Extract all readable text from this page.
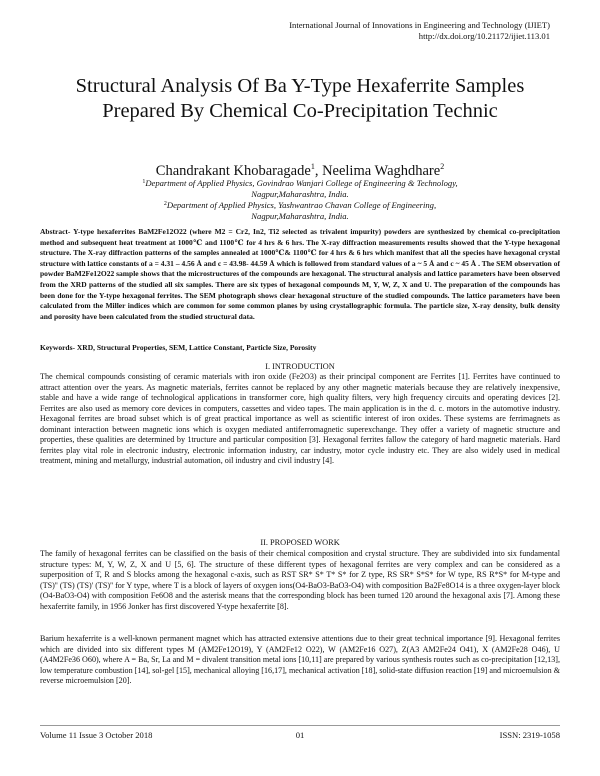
International Journal of Innovations in Engineering and Technology (IJIET)
http://dx.doi.org/10.21172/ijiet.113.01
Structural Analysis Of Ba Y-Type Hexaferrite Samples Prepared By Chemical Co-Precipitation Technic
Chandrakant Khobaragade$^1$, Neelima Waghdhare$^2$
$^1$Department of Applied Physics, Govindrao Wanjari College of Engineering & Technology,
Nagpur,Maharashtra, India.
$^2$Department of Applied Physics, Yashwantrao Chavan College of Engineering,
Nagpur,Maharashtra, India.
Abstract- Y-type hexaferrites BaM2Fe12O22 (where M2 = Cr2, In2, Ti2 selected as trivalent impurity) powders are synthesized by chemical co-precipitation method and subsequent heat treatment at 1000℃ and 1100℃ for 4 hrs & 6 hrs. The X-ray diffraction measurements results showed that the Y-type hexagonal structure. The X-ray diffraction patterns of the samples annealed at 1000℃& 1100℃ for 4 hrs & 6 hrs which manifest that all the species have hexagonal crystal structure with lattice constants of a = 4.31 – 4.56 Å and c = 43.98- 44.59 Å which is followed from standard values of a ~ 5 Å and c ~ 45 Å . The SEM observation of powder BaM2Fe12O22 sample shows that the microstructures of the compounds are hexagonal. The structural analysis and lattice parameters have been observed from the XRD patterns of the studied all six samples. There are six types of hexagonal compounds M, Y, W, Z, X and U. The preparation of the compounds has been done for the Y-type hexagonal ferrites. The SEM photograph shows clear hexagonal structure of the studied compounds. The lattice parameters have been calculated from the Miller indices which are common for some common planes by using crystallographic formula. The particle size, X-ray density, bulk density and porosity have been calculated from the studied structural data.
Keywords- XRD, Structural Properties, SEM, Lattice Constant, Particle Size, Porosity
I. INTRODUCTION
The chemical compounds consisting of ceramic materials with iron oxide (Fe2O3) as their principal component are Ferrites [1]. Ferrites have continued to attract attention over the years. As magnetic materials, ferrites cannot be replaced by any other magnetic materials because they are relatively inexpensive, stable and have a wide range of technological applications in transformer core, high quality filters, very high frequency circuits and operating devices [2]. Ferrites are also used as memory core devices in computers, cassettes and video tapes. The main application is in the d. c. motors in the automotive industry. Hexagonal ferrites are broad subset which is of great practical importance as well as scientific interest of iron oxides. These systems are ferrimagnets as dominant interaction between magnetic ions which is oxygen mediated antiferromagnetic superexchange. They offer a variety of magnetic structure and properties, these qualities are determined by 1tructure and particular composition [3]. Hexagonal ferrites fallow the category of hard magnetic materials. Hard ferrites play vital role in electronic industry, electronic information industry, car industry, motor cycle industry etc. They are also widely used in medical treatment, mining and metallurgy, industrial automation, oil industry and civil industry [4].
II. PROPOSED WORK
The family of hexagonal ferrites can be classified on the basis of their chemical composition and crystal structure. They are subdivided into six fundamental structure types: M, Y, W, Z, X and U [5, 6]. The structure of these different types of hexagonal ferrites are very complex and can be considered as a superposition of T, R and S blocks among the hexagonal c-axis, such as RST SR* S* T* S* for Z type, RS SR* S*S* for W type, RS R*S* for M-type and (TS)'' (TS) (TS)' (TS)'' for Y type, where T is a block of layers of oxygen ions(O4-BaO3-BaO3-O4) with composition Ba2Fe8O14 is a three oxygen-layer block (O4-BaO3-O4) with composition Fe6O8 and the asterisk means that the corresponding block has been turned 120 around the hexagonal axis [7]. Among these hexaferrite family, in 1956 Jonker has first discovered Y-type hexaferrite [8].
Barium hexaferrite is a well-known permanent magnet which has attracted extensive attentions due to their great technical importance [9]. Hexagonal ferrites which are divided into six different types M (AM2Fe12O19), Y (AM2Fe12 O22), W (AM2Fe16 O27), Z(A3 AM2Fe24 O41), X (AM2Fe28 O46), U (A4M2Fe36 O60), where A = Ba, Sr, La and M = divalent transition metal ions [10,11] are prepared by various synthesis routes such as co-precipitation [12,13], low temperature combustion [14], sol-gel [15], mechanical alloying [16,17], mechanical activation [18], solid-state diffusion reaction [19] and microemulsion & reverse microemulsion [20].
Volume 11 Issue 3 October 2018	01	ISSN: 2319-1058
